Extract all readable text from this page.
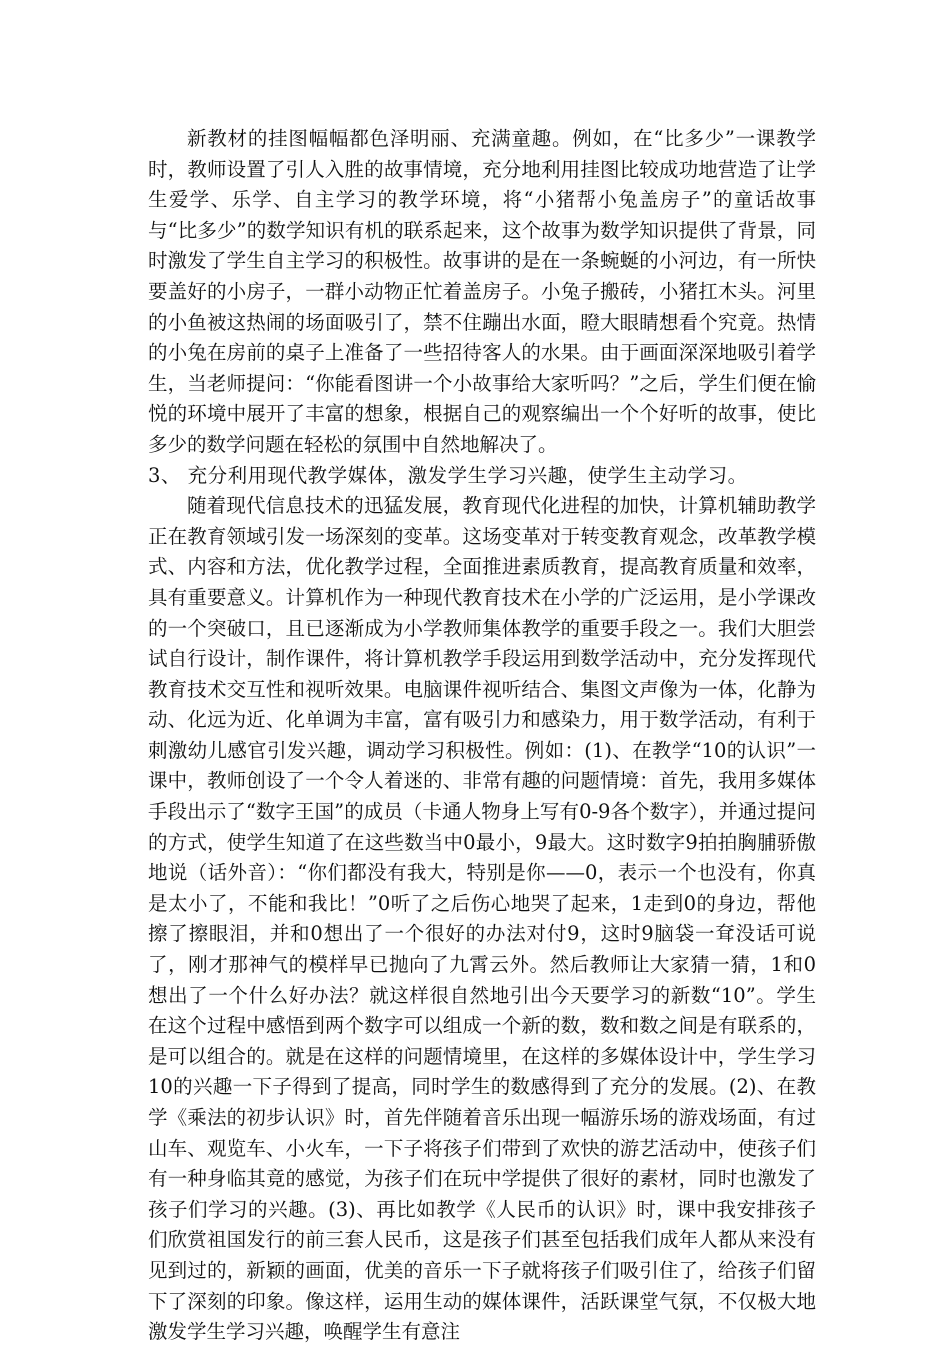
新教材的挂图幅幅都色泽明丽、充满童趣。例如，在“比多少”一课教学时，教师设置了引人入胜的故事情境，充分地利用挂图比较成功地营造了让学生爱学、乐学、自主学习的教学环境，将“小猪帮小兔盖房子”的童话故事与“比多少”的数学知识有机的联系起来，这个故事为数学知识提供了背景，同时激发了学生自主学习的积极性。故事讲的是在一条蜿蜒的小河边，有一所快要盖好的小房子，一群小动物正忙着盖房子。小兔子搬砖，小猪扛木头。河里的小鱼被这热闹的场面吸引了，禁不住蹦出水面，瞪大眼睛想看个究竟。热情的小兔在房前的桌子上准备了一些招待客人的水果。由于画面深深地吸引着学生，当老师提问：“你能看图讲一个小故事给大家听吗？”之后，学生们便在愉悦的环境中展开了丰富的想象，根据自己的观察编出一个个好听的故事，使比多少的数学问题在轻松的氛围中自然地解决了。

3、 充分利用现代教学媒体，激发学生学习兴趣，使学生主动学习。

随着现代信息技术的迅猛发展，教育现代化进程的加快，计算机辅助教学正在教育领域引发一场深刻的变革。这场变革对于转变教育观念，改革教学模式、内容和方法，优化教学过程，全面推进素质教育，提高教育质量和效率，具有重要意义。计算机作为一种现代教育技术在小学的广泛运用，是小学课改的一个突破口，且已逐渐成为小学教师集体教学的重要手段之一。我们大胆尝试自行设计，制作课件，将计算机教学手段运用到数学活动中，充分发挥现代教育技术交互性和视听效果。电脑课件视听结合、集图文声像为一体，化静为动、化远为近、化单调为丰富，富有吸引力和感染力，用于数学活动，有利于刺激幼儿感官引发兴趣，调动学习积极性。例如：(1)、在教学“10的认识”一课中，教师创设了一个令人着迷的、非常有趣的问题情境：首先，我用多媒体手段出示了“数字王国”的成员（卡通人物身上写有0-9各个数字），并通过提问的方式，使学生知道了在这些数当中0最小，9最大。这时数字9拍拍胸脯骄傲地说（话外音）：“你们都没有我大，特别是你——0，表示一个也没有，你真是太小了，不能和我比！”0听了之后伤心地哭了起来，1走到0的身边，帮他擦了擦眼泪，并和0想出了一个很好的办法对付9，这时9脑袋一耷没话可说了，刚才那神气的模样早已抛向了九霄云外。然后教师让大家猜一猜，1和0想出了一个什么好办法？就这样很自然地引出今天要学习的新数“10”。学生在这个过程中感悟到两个数字可以组成一个新的数，数和数之间是有联系的，是可以组合的。就是在这样的问题情境里，在这样的多媒体设计中，学生学习10的兴趣一下子得到了提高，同时学生的数感得到了充分的发展。(2)、在教学《乘法的初步认识》时，首先伴随着音乐出现一幅游乐场的游戏场面，有过山车、观览车、小火车，一下子将孩子们带到了欢快的游艺活动中，使孩子们有一种身临其竟的感觉，为孩子们在玩中学提供了很好的素材，同时也激发了孩子们学习的兴趣。(3)、再比如教学《人民币的认识》时，课中我安排孩子们欣赏祖国发行的前三套人民币，这是孩子们甚至包括我们成年人都从来没有见到过的，新颖的画面，优美的音乐一下子就将孩子们吸引住了，给孩子们留下了深刻的印象。像这样，运用生动的媒体课件，活跃课堂气氛，不仅极大地激发学生学习兴趣，唤醒学生有意注
